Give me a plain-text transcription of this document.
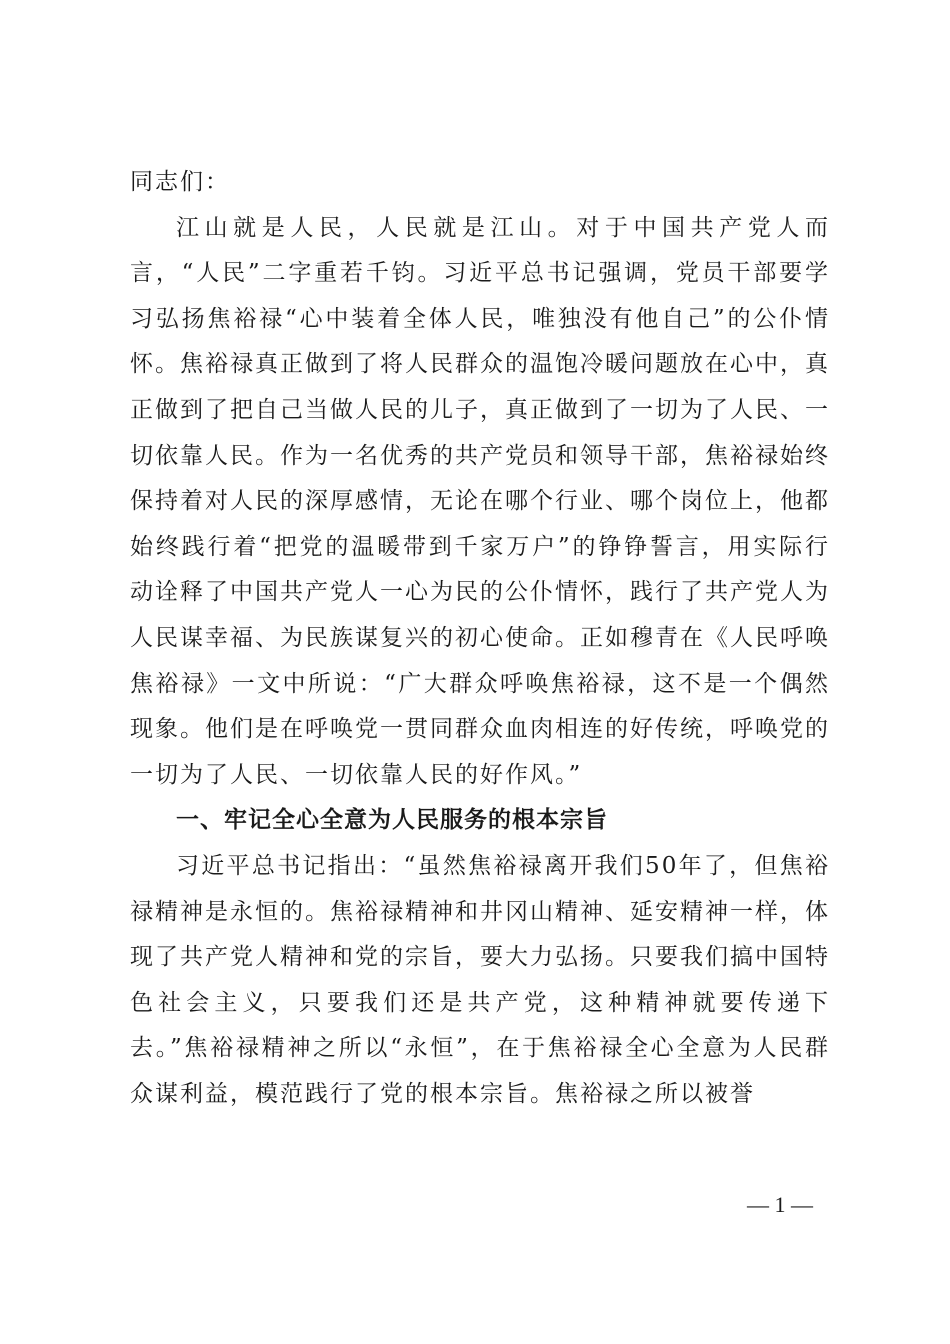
同志们：

江山就是人民，人民就是江山。对于中国共产党人而言，“人民”二字重若千钧。习近平总书记强调，党员干部要学习弘扬焦裕禄“心中装着全体人民，唯独没有他自己”的公仆情怀。焦裕禄真正做到了将人民群众的温饱冷暖问题放在心中，真正做到了把自己当做人民的儿子，真正做到了一切为了人民、一切依靠人民。作为一名优秀的共产党员和领导干部，焦裕禄始终保持着对人民的深厚感情，无论在哪个行业、哪个岗位上，他都始终践行着“把党的温暖带到千家万户”的铮铮誓言，用实际行动诠释了中国共产党人一心为民的公仆情怀，践行了共产党人为人民谋幸福、为民族谋复兴的初心使命。正如穆青在《人民呼唤焦裕禄》一文中所说：“广大群众呼唤焦裕禄，这不是一个偶然现象。他们是在呼唤党一贯同群众血肉相连的好传统，呼唤党的一切为了人民、一切依靠人民的好作风。”

一、牢记全心全意为人民服务的根本宗旨

习近平总书记指出：“虽然焦裕禄离开我们50年了，但焦裕禄精神是永恒的。焦裕禄精神和井冈山精神、延安精神一样，体现了共产党人精神和党的宗旨，要大力弘扬。只要我们搞中国特色社会主义，只要我们还是共产党，这种精神就要传递下去。”焦裕禄精神之所以“永恒”，在于焦裕禄全心全意为人民群众谋利益，模范践行了党的根本宗旨。焦裕禄之所以被誉

— 1 —
